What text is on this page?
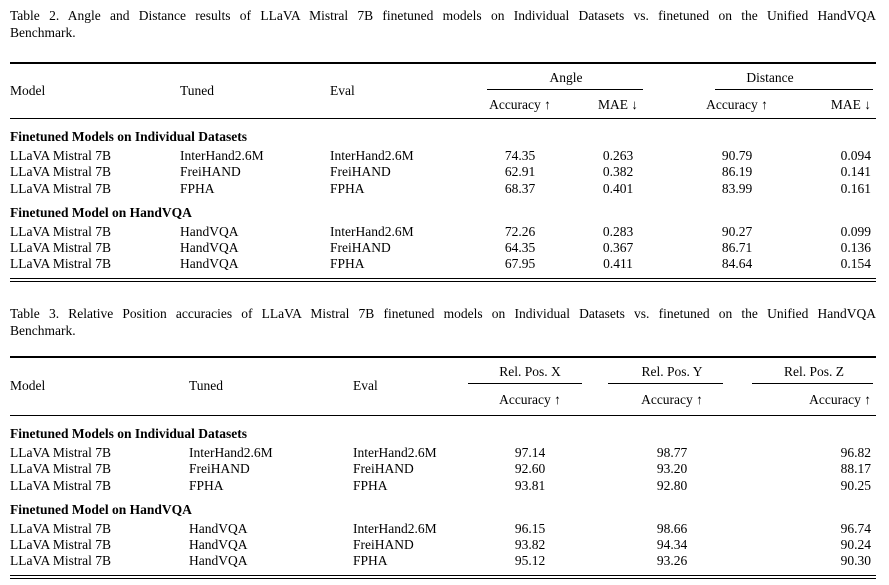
Table 2. Angle and Distance results of LLaVA Mistral 7B finetuned models on Individual Datasets vs. finetuned on the Unified HandVQA
Benchmark.
Model	Tuned	Eval	Angle		Distance	

			Accuracy ↑	MAE ↓	Accuracy ↑	MAE ↓
Finetuned Models on Individual Datasets						
LLaVA Mistral 7B	InterHand2.6M	InterHand2.6M	74.35	0.263	90.79	0.094
LLaVA Mistral 7B	FreiHAND	FreiHAND	62.91	0.382	86.19	0.141
LLaVA Mistral 7B	FPHA	FPHA	68.37	0.401	83.99	0.161
Finetuned Model on HandVQA						
LLaVA Mistral 7B	HandVQA	InterHand2.6M	72.26	0.283	90.27	0.099
LLaVA Mistral 7B	HandVQA	FreiHAND	64.35	0.367	86.71	0.136
LLaVA Mistral 7B	HandVQA	FPHA	67.95	0.411	84.64	0.154
Table 3. Relative Position accuracies of LLaVA Mistral 7B finetuned models on Individual Datasets vs. finetuned on the Unified HandVQA
Benchmark.
Model	Tuned	Eval	Rel. Pos. X	Rel. Pos. Y	Rel. Pos. Z

			Accuracy ↑	Accuracy ↑	Accuracy ↑
Finetuned Models on Individual Datasets					
LLaVA Mistral 7B	InterHand2.6M	InterHand2.6M	97.14	98.77	96.82
LLaVA Mistral 7B	FreiHAND	FreiHAND	92.60	93.20	88.17
LLaVA Mistral 7B	FPHA	FPHA	93.81	92.80	90.25
Finetuned Model on HandVQA					
LLaVA Mistral 7B	HandVQA	InterHand2.6M	96.15	98.66	96.74
LLaVA Mistral 7B	HandVQA	FreiHAND	93.82	94.34	90.24
LLaVA Mistral 7B	HandVQA	FPHA	95.12	93.26	90.30
